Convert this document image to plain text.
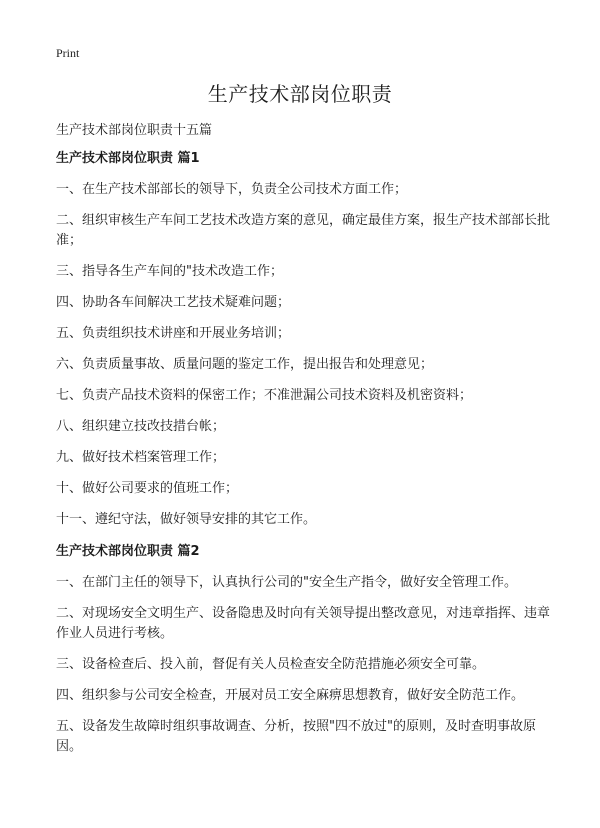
Print
生产技术部岗位职责

生产技术部岗位职责十五篇

生产技术部岗位职责 篇1

一、在生产技术部部长的领导下，负责全公司技术方面工作；

二、组织审核生产车间工艺技术改造方案的意见，确定最佳方案，报生产技术部部长批准；

三、指导各生产车间的"技术改造工作；

四、协助各车间解决工艺技术疑难问题；

五、负责组织技术讲座和开展业务培训；

六、负责质量事故、质量问题的鉴定工作，提出报告和处理意见；

七、负责产品技术资料的保密工作；不准泄漏公司技术资料及机密资料；

八、组织建立技改技措台帐；

九、做好技术档案管理工作；

十、做好公司要求的值班工作；

十一、遵纪守法，做好领导安排的其它工作。

生产技术部岗位职责 篇2

一、在部门主任的领导下，认真执行公司的"安全生产指令，做好安全管理工作。

二、对现场安全文明生产、设备隐患及时向有关领导提出整改意见，对违章指挥、违章作业人员进行考核。

三、设备检查后、投入前，督促有关人员检查安全防范措施必须安全可靠。

四、组织参与公司安全检查，开展对员工安全麻痹思想教育，做好安全防范工作。

五、设备发生故障时组织事故调查、分析，按照"四不放过"的原则，及时查明事故原因。
